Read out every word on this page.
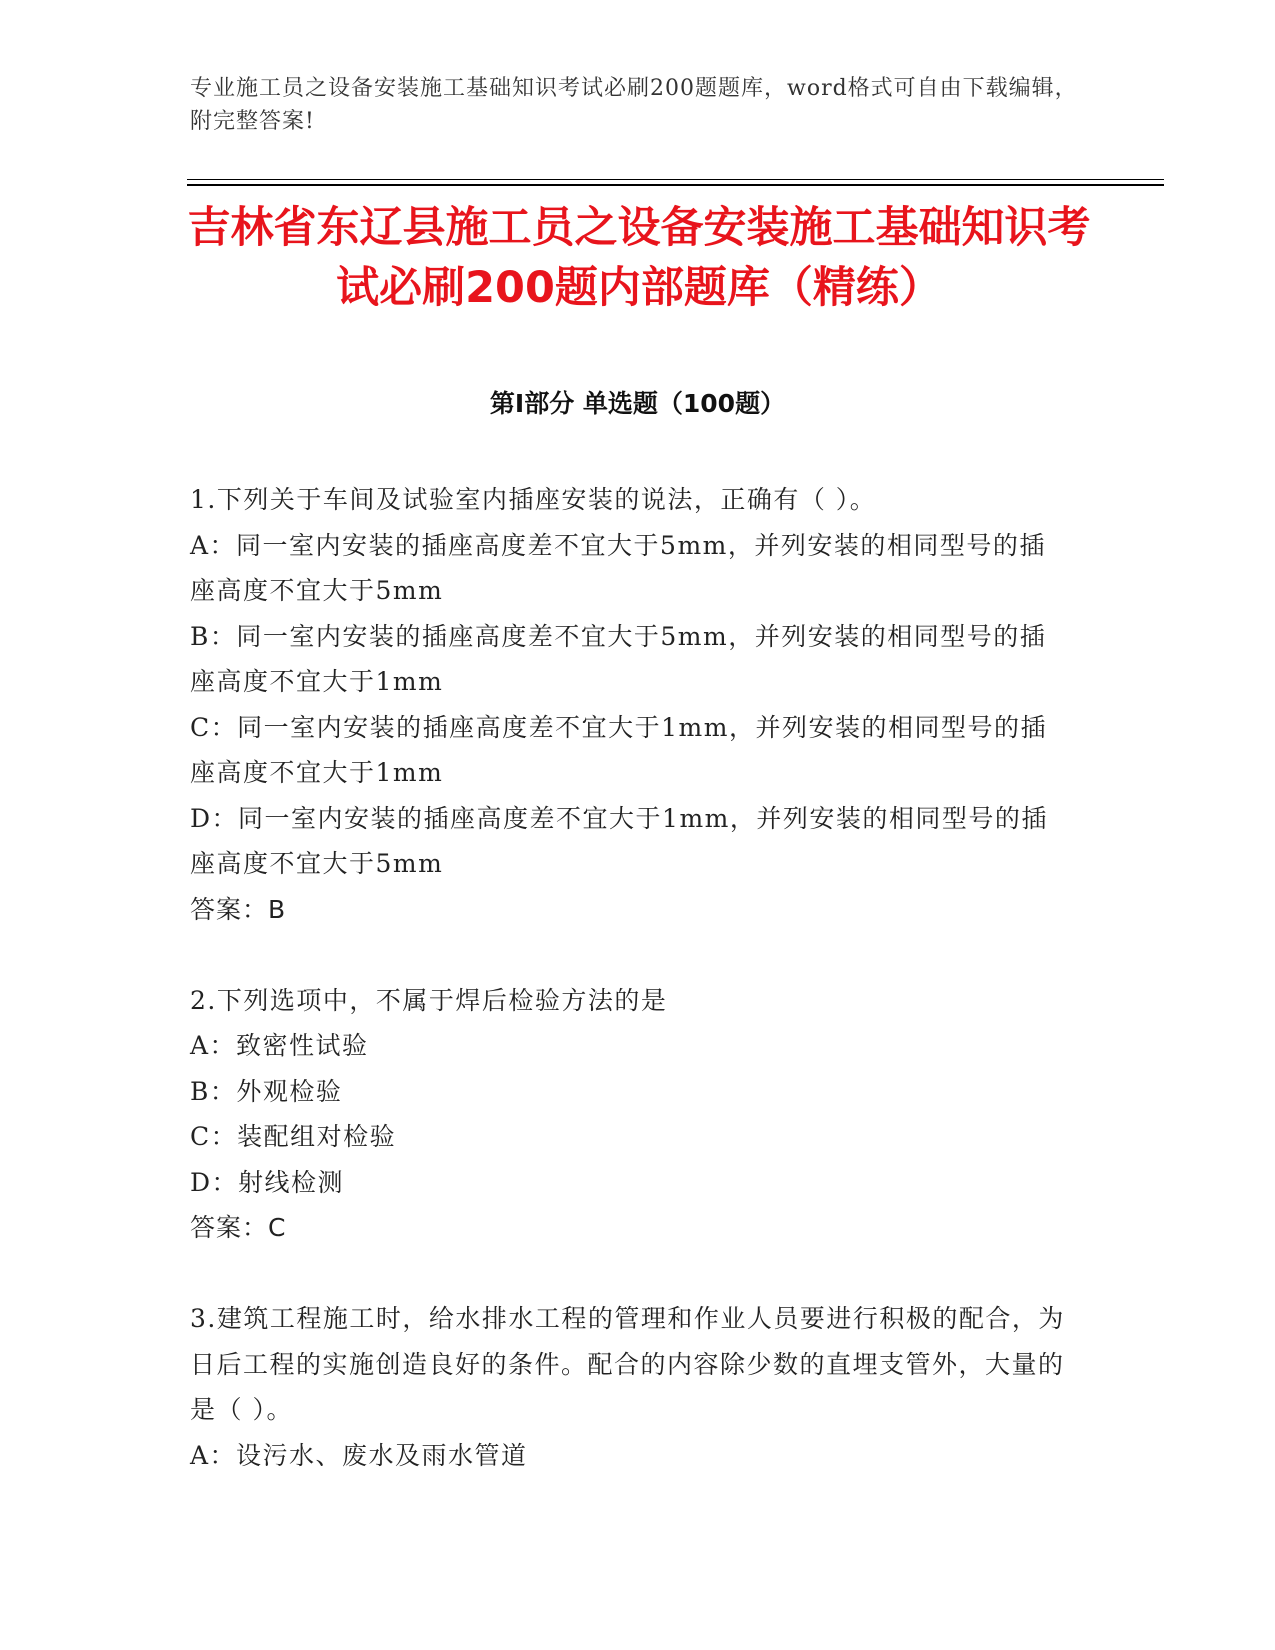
专业施工员之设备安装施工基础知识考试必刷200题题库，word格式可自由下载编辑，附完整答案!
吉林省东辽县施工员之设备安装施工基础知识考试必刷200题内部题库（精练）
第Ⅰ部分 单选题（100题）

1.下列关于车间及试验室内插座安装的说法，正确有（ ）。

A：同一室内安装的插座高度差不宜大于5mm，并列安装的相同型号的插座高度不宜大于5mm

B：同一室内安装的插座高度差不宜大于5mm，并列安装的相同型号的插座高度不宜大于1mm

C：同一室内安装的插座高度差不宜大于1mm，并列安装的相同型号的插座高度不宜大于1mm

D：同一室内安装的插座高度差不宜大于1mm，并列安装的相同型号的插座高度不宜大于5mm

答案：B

2.下列选项中，不属于焊后检验方法的是

A：致密性试验

B：外观检验

C：装配组对检验

D：射线检测

答案：C

3.建筑工程施工时，给水排水工程的管理和作业人员要进行积极的配合，为日后工程的实施创造良好的条件。配合的内容除少数的直埋支管外，大量的是（ ）。

A：设污水、废水及雨水管道
